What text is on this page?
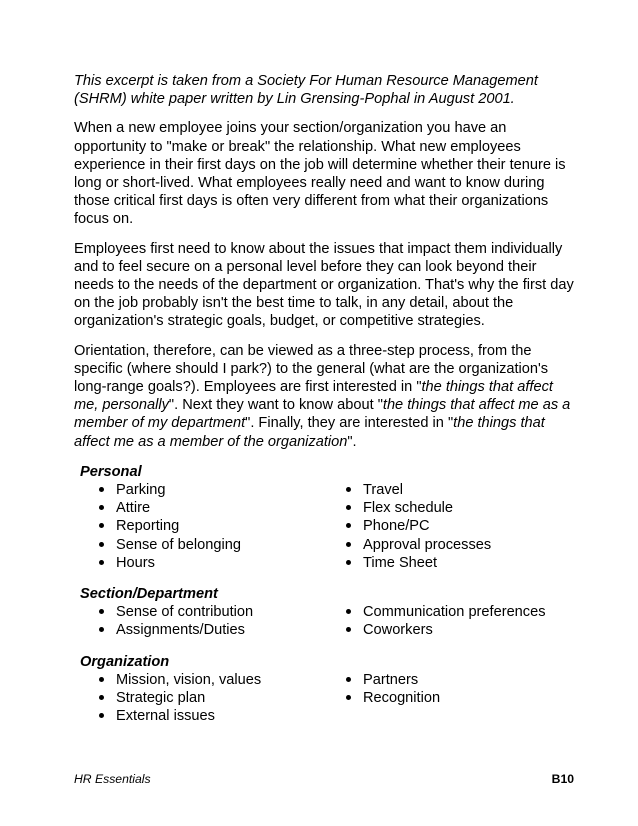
This excerpt is taken from a Society For Human Resource Management
(SHRM) white paper written by Lin Grensing-Pophal in August 2001.

When a new employee joins your section/organization you have an opportunity to "make or break" the relationship. What new employees experience in their first days on the job will determine whether their tenure is long or short-lived. What employees really need and want to know during those critical first days is often very different from what their organizations focus on.

Employees first need to know about the issues that impact them individually and to feel secure on a personal level before they can look beyond their needs to the needs of the department or organization. That's why the first day on the job probably isn't the best time to talk, in any detail, about the organization's strategic goals, budget, or competitive strategies.

Orientation, therefore, can be viewed as a three-step process, from the specific (where should I park?) to the general (what are the organization's long-range goals?). Employees are first interested in "the things that affect me, personally". Next they want to know about "the things that affect me as a member of my department". Finally, they are interested in "the things that affect me as a member of the organization".

Personal

Parking
Attire
Reporting
Sense of belonging
Hours
Travel
Flex schedule
Phone/PC
Approval processes
Time Sheet

Section/Department

Sense of contribution
Assignments/Duties
Communication preferences
Coworkers

Organization

Mission, vision, values
Strategic plan
External issues
Partners
Recognition
HR Essentials	B10
